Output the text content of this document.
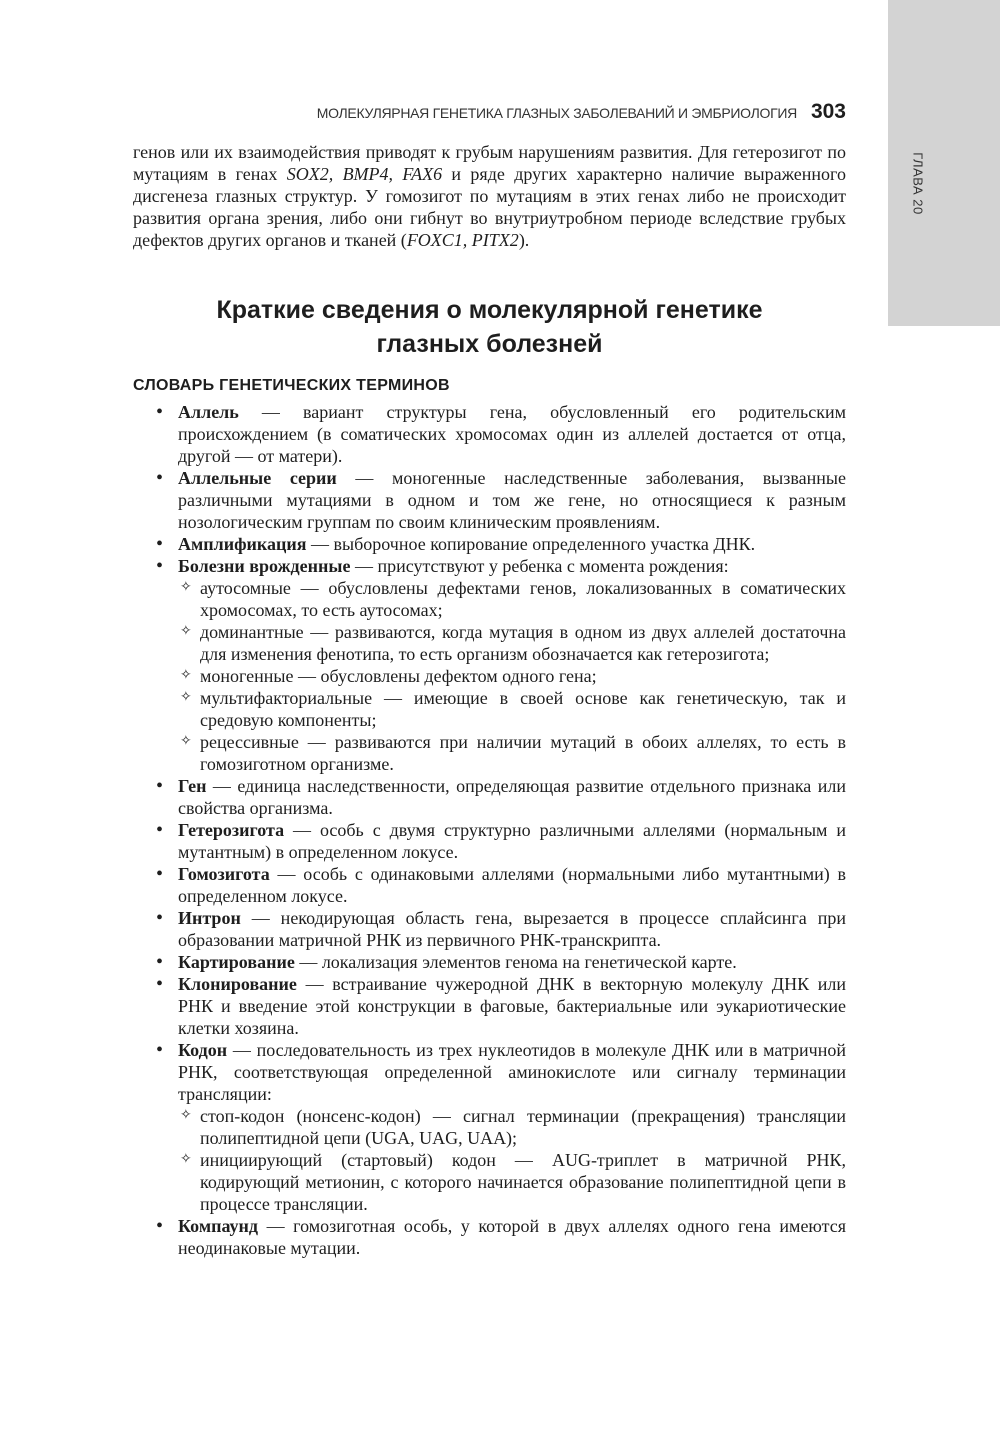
ГЛАВА 20
МОЛЕКУЛЯРНАЯ ГЕНЕТИКА ГЛАЗНЫХ ЗАБОЛЕВАНИЙ И ЭМБРИОЛОГИЯ 303

генов или их взаимодействия приводят к грубым нарушениям развития. Для гетерозигот по мутациям в генах SOX2, BMP4, FAX6 и ряде других характерно наличие выраженного дисгенеза глазных структур. У гомозигот по мутациям в этих генах либо не происходит развития органа зрения, либо они гибнут во внутриутробном периоде вследствие грубых дефектов других органов и тканей (FOXC1, PITX2).

Краткие сведения о молекулярной генетике
глазных болезней
СЛОВАРЬ ГЕНЕТИЧЕСКИХ ТЕРМИНОВ
• Аллель — вариант структуры гена, обусловленный его родительским происхождением (в соматических хромосомах один из аллелей достается от отца, другой — от матери).
• Аллельные серии — моногенные наследственные заболевания, вызванные различными мутациями в одном и том же гене, но относящиеся к разным нозологическим группам по своим клиническим проявлениям.
• Амплификация — выборочное копирование определенного участка ДНК.
• Болезни врожденные — присутствуют у ребенка с момента рождения:
✧ аутосомные — обусловлены дефектами генов, локализованных в соматических хромосомах, то есть аутосомах;
✧ доминантные — развиваются, когда мутация в одном из двух аллелей достаточна для изменения фенотипа, то есть организм обозначается как гетерозигота;
✧ моногенные — обусловлены дефектом одного гена;
✧ мультифакториальные — имеющие в своей основе как генетическую, так и средовую компоненты;
✧ рецессивные — развиваются при наличии мутаций в обоих аллелях, то есть в гомозиготном организме.
• Ген — единица наследственности, определяющая развитие отдельного признака или свойства организма.
• Гетерозигота — особь с двумя структурно различными аллелями (нормальным и мутантным) в определенном локусе.
• Гомозигота — особь с одинаковыми аллелями (нормальными либо мутантными) в определенном локусе.
• Интрон — некодирующая область гена, вырезается в процессе сплайсинга при образовании матричной РНК из первичного РНК-транскрипта.
• Картирование — локализация элементов генома на генетической карте.
• Клонирование — встраивание чужеродной ДНК в векторную молекулу ДНК или РНК и введение этой конструкции в фаговые, бактериальные или эукариотические клетки хозяина.
• Кодон — последовательность из трех нуклеотидов в молекуле ДНК или в матричной РНК, соответствующая определенной аминокислоте или сигналу терминации трансляции:
✧ стоп-кодон (нонсенс-кодон) — сигнал терминации (прекращения) трансляции полипептидной цепи (UGA, UAG, UAA);
✧ инициирующий (стартовый) кодон — AUG-триплет в матричной РНК, кодирующий метионин, с которого начинается образование полипептидной цепи в процессе трансляции.
• Компаунд — гомозиготная особь, у которой в двух аллелях одного гена имеются неодинаковые мутации.
